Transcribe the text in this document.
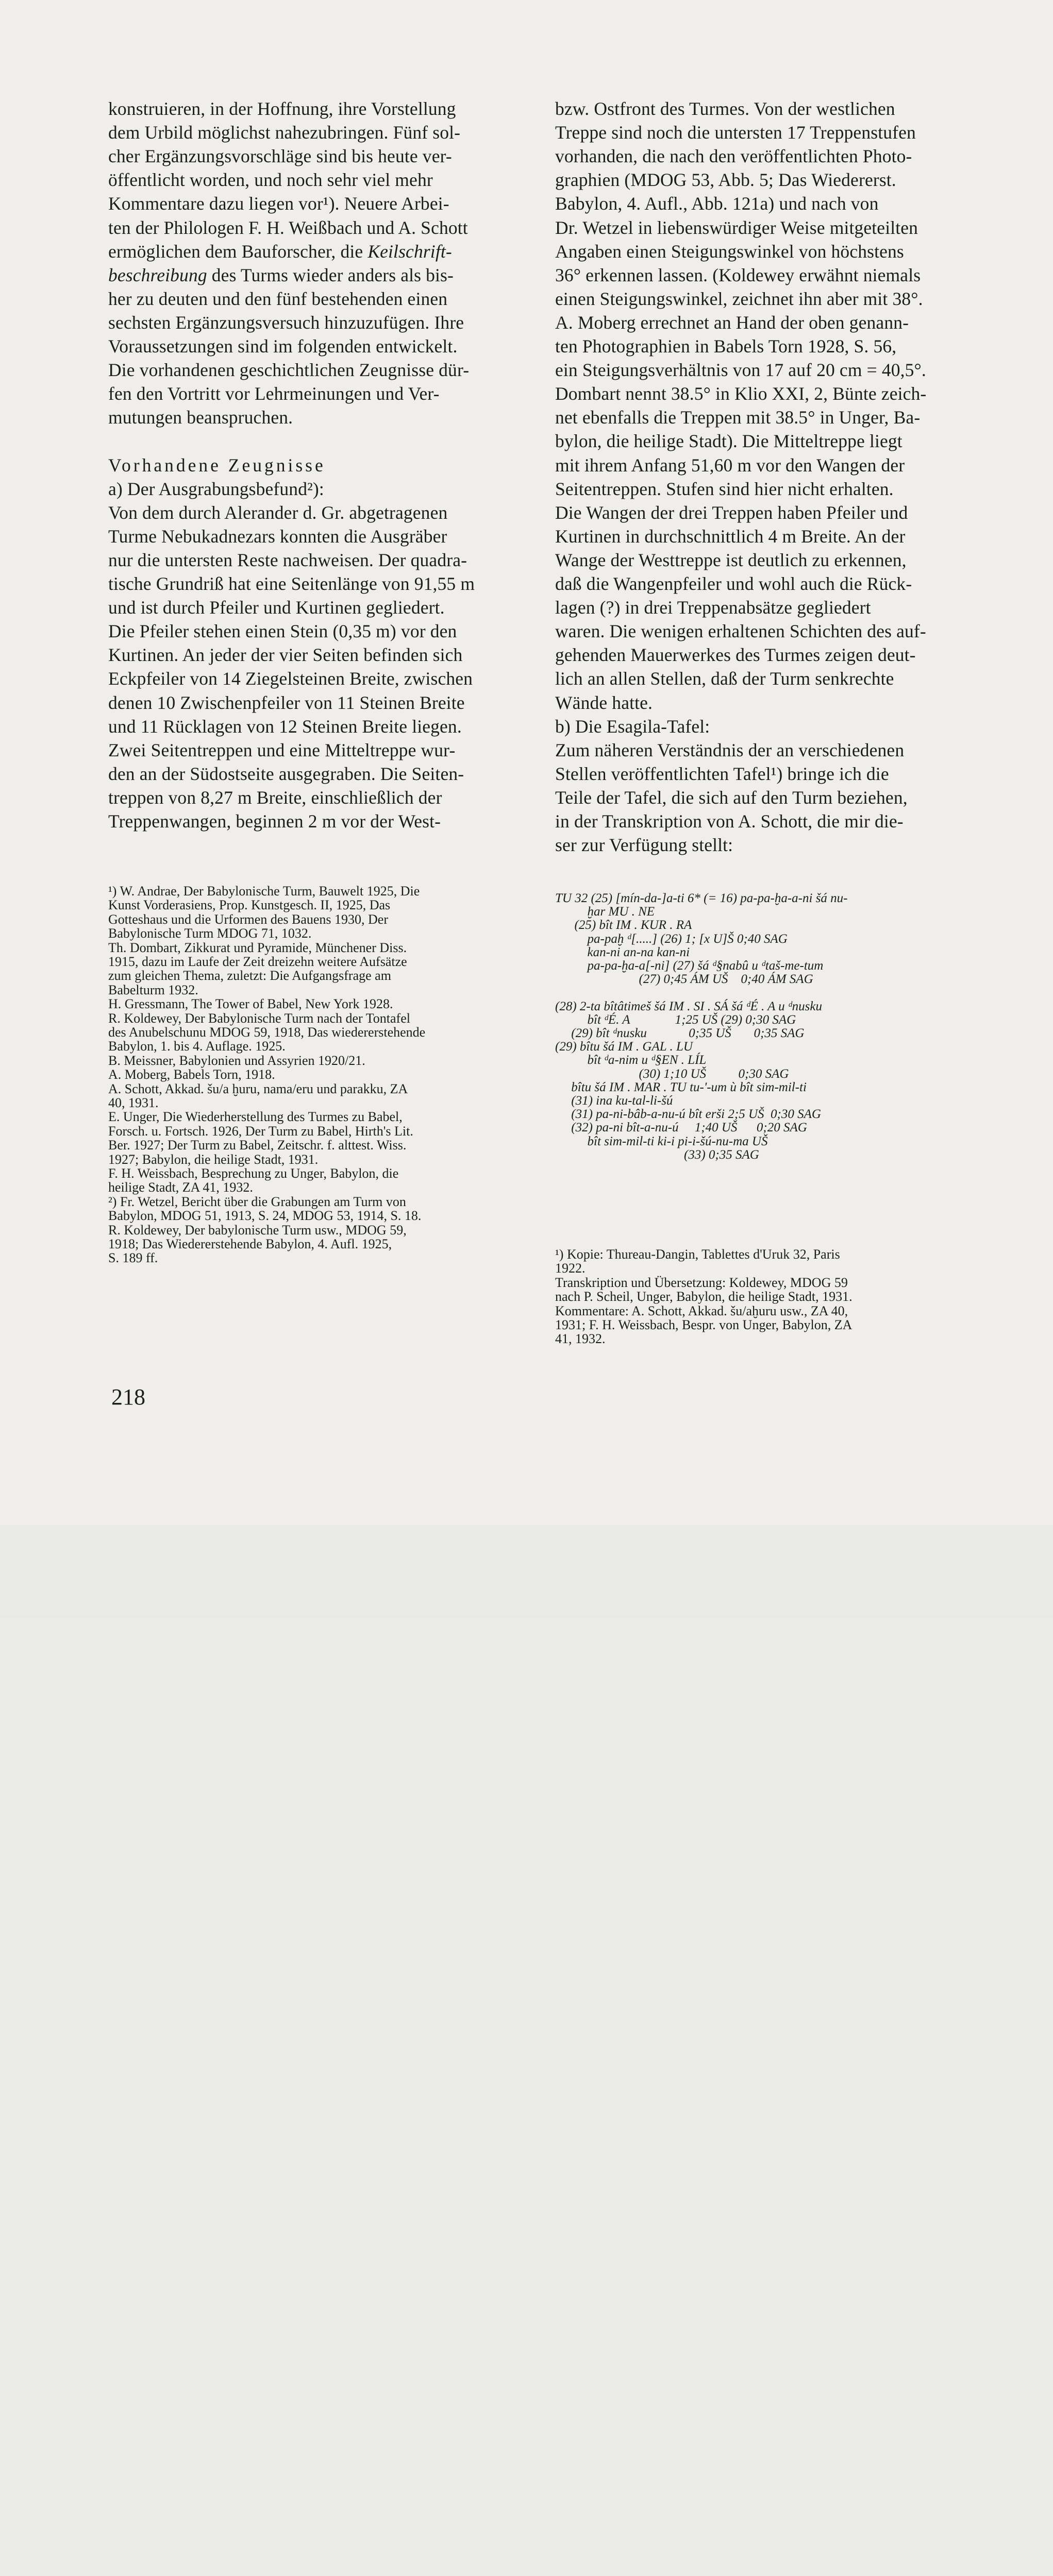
konstruieren, in der Hoffnung, ihre Vorstellung
dem Urbild möglichst nahezubringen. Fünf sol-
cher Ergänzungsvorschläge sind bis heute ver-
öffentlicht worden, und noch sehr viel mehr
Kommentare dazu liegen vor¹). Neuere Arbei-
ten der Philologen F. H. Weißbach und A. Schott
ermöglichen dem Bauforscher, die Keilschrift-
beschreibung des Turms wieder anders als bis-
her zu deuten und den fünf bestehenden einen
sechsten Ergänzungsversuch hinzuzufügen. Ihre
Voraussetzungen sind im folgenden entwickelt.
Die vorhandenen geschichtlichen Zeugnisse dür-
fen den Vortritt vor Lehrmeinungen und Ver-
mutungen beanspruchen.
Vorhandene Zeugnisse
a) Der Ausgrabungsbefund²):
Von dem durch Alerander d. Gr. abgetragenen
Turme Nebukadnezars konnten die Ausgräber
nur die untersten Reste nachweisen. Der quadra-
tische Grundriß hat eine Seitenlänge von 91,55 m
und ist durch Pfeiler und Kurtinen gegliedert.
Die Pfeiler stehen einen Stein (0,35 m) vor den
Kurtinen. An jeder der vier Seiten befinden sich
Eckpfeiler von 14 Ziegelsteinen Breite, zwischen
denen 10 Zwischenpfeiler von 11 Steinen Breite
und 11 Rücklagen von 12 Steinen Breite liegen.
Zwei Seitentreppen und eine Mitteltreppe wur-
den an der Südostseite ausgegraben. Die Seiten-
treppen von 8,27 m Breite, einschließlich der
Treppenwangen, beginnen 2 m vor der West-
¹) W. Andrae, Der Babylonische Turm, Bauwelt 1925, Die
Kunst Vorderasiens, Prop. Kunstgesch. II, 1925, Das
Gotteshaus und die Urformen des Bauens 1930, Der
Babylonische Turm MDOG 71, 1032.
Th. Dombart, Zikkurat und Pyramide, Münchener Diss.
1915, dazu im Laufe der Zeit dreizehn weitere Aufsätze
zum gleichen Thema, zuletzt: Die Aufgangsfrage am
Babelturm 1932.
H. Gressmann, The Tower of Babel, New York 1928.
R. Koldewey, Der Babylonische Turm nach der Tontafel
des Anubelschunu MDOG 59, 1918, Das wiedererstehende
Babylon, 1. bis 4. Auflage. 1925.
B. Meissner, Babylonien und Assyrien 1920/21.
A. Moberg, Babels Torn, 1918.
A. Schott, Akkad. šu/a ḫuru, nama/eru und parakku, ZA
40, 1931.
E. Unger, Die Wiederherstellung des Turmes zu Babel,
Forsch. u. Fortsch. 1926, Der Turm zu Babel, Hirth's Lit.
Ber. 1927; Der Turm zu Babel, Zeitschr. f. alttest. Wiss.
1927; Babylon, die heilige Stadt, 1931.
F. H. Weissbach, Besprechung zu Unger, Babylon, die
heilige Stadt, ZA 41, 1932.
²) Fr. Wetzel, Bericht über die Grabungen am Turm von
Babylon, MDOG 51, 1913, S. 24, MDOG 53, 1914, S. 18.
R. Koldewey, Der babylonische Turm usw., MDOG 59,
1918; Das Wiedererstehende Babylon, 4. Aufl. 1925,
S. 189 ff.
bzw. Ostfront des Turmes. Von der westlichen
Treppe sind noch die untersten 17 Treppenstufen
vorhanden, die nach den veröffentlichten Photo-
graphien (MDOG 53, Abb. 5; Das Wiedererst.
Babylon, 4. Aufl., Abb. 121a) und nach von
Dr. Wetzel in liebenswürdiger Weise mitgeteilten
Angaben einen Steigungswinkel von höchstens
36° erkennen lassen. (Koldewey erwähnt niemals
einen Steigungswinkel, zeichnet ihn aber mit 38°.
A. Moberg errechnet an Hand der oben genann-
ten Photographien in Babels Torn 1928, S. 56,
ein Steigungsverhältnis von 17 auf 20 cm = 40,5°.
Dombart nennt 38.5° in Klio XXI, 2, Bünte zeich-
net ebenfalls die Treppen mit 38.5° in Unger, Ba-
bylon, die heilige Stadt). Die Mitteltreppe liegt
mit ihrem Anfang 51,60 m vor den Wangen der
Seitentreppen. Stufen sind hier nicht erhalten.
Die Wangen der drei Treppen haben Pfeiler und
Kurtinen in durchschnittlich 4 m Breite. An der
Wange der Westtreppe ist deutlich zu erkennen,
daß die Wangenpfeiler und wohl auch die Rück-
lagen (?) in drei Treppenabsätze gegliedert
waren. Die wenigen erhaltenen Schichten des auf-
gehenden Mauerwerkes des Turmes zeigen deut-
lich an allen Stellen, daß der Turm senkrechte
Wände hatte.
b) Die Esagila-Tafel:
Zum näheren Verständnis der an verschiedenen
Stellen veröffentlichten Tafel¹) bringe ich die
Teile der Tafel, die sich auf den Turm beziehen,
in der Transkription von A. Schott, die mir die-
ser zur Verfügung stellt:
TU 32 (25) [mín-da-]a-ti 6* (= 16) pa-pa-ḫa-a-ni šá nu-
ḫar MU . NE
(25) bît IM . KUR . RA
pa-paḫ ᵈ[.....] (26) 1; [x U]Š 0;40 SAG
kan-ni an-na kan-ni
pa-pa-ḫa-a[-ni] (27) šá ᵈ§nabû u ᵈtaš-me-tum
(27) 0;45 ÁM UŠ    0;40 ÁM SAG
(28) 2-ta bîtâtimeš šá IM . SI . SÁ šá ᵈÉ . A u ᵈnusku
bît ᵈÉ. A              1;25 UŠ (29) 0;30 SAG
(29) bît ᵈnusku             0;35 UŠ       0;35 SAG
(29) bîtu šá IM . GAL . LU
bît ᵈa-nim u ᵈ§EN . LÍL
(30) 1;10 UŠ          0;30 SAG
bîtu šá IM . MAR . TU tu-'-um ù bît sim-mil-ti
(31) ina ku-tal-li-šú
(31) pa-ni-bâb-a-nu-ú bît erši 2;5 UŠ  0;30 SAG
(32) pa-ni bît-a-nu-ú     1;40 UŠ      0;20 SAG
bît sim-mil-ti ki-i pi-i-šú-nu-ma UŠ
(33) 0;35 SAG
¹) Kopie: Thureau-Dangin, Tablettes d'Uruk 32, Paris
1922.
Transkription und Übersetzung: Koldewey, MDOG 59
nach P. Scheil, Unger, Babylon, die heilige Stadt, 1931.
Kommentare: A. Schott, Akkad. šu/aḫuru usw., ZA 40,
1931; F. H. Weissbach, Bespr. von Unger, Babylon, ZA
41, 1932.
218
